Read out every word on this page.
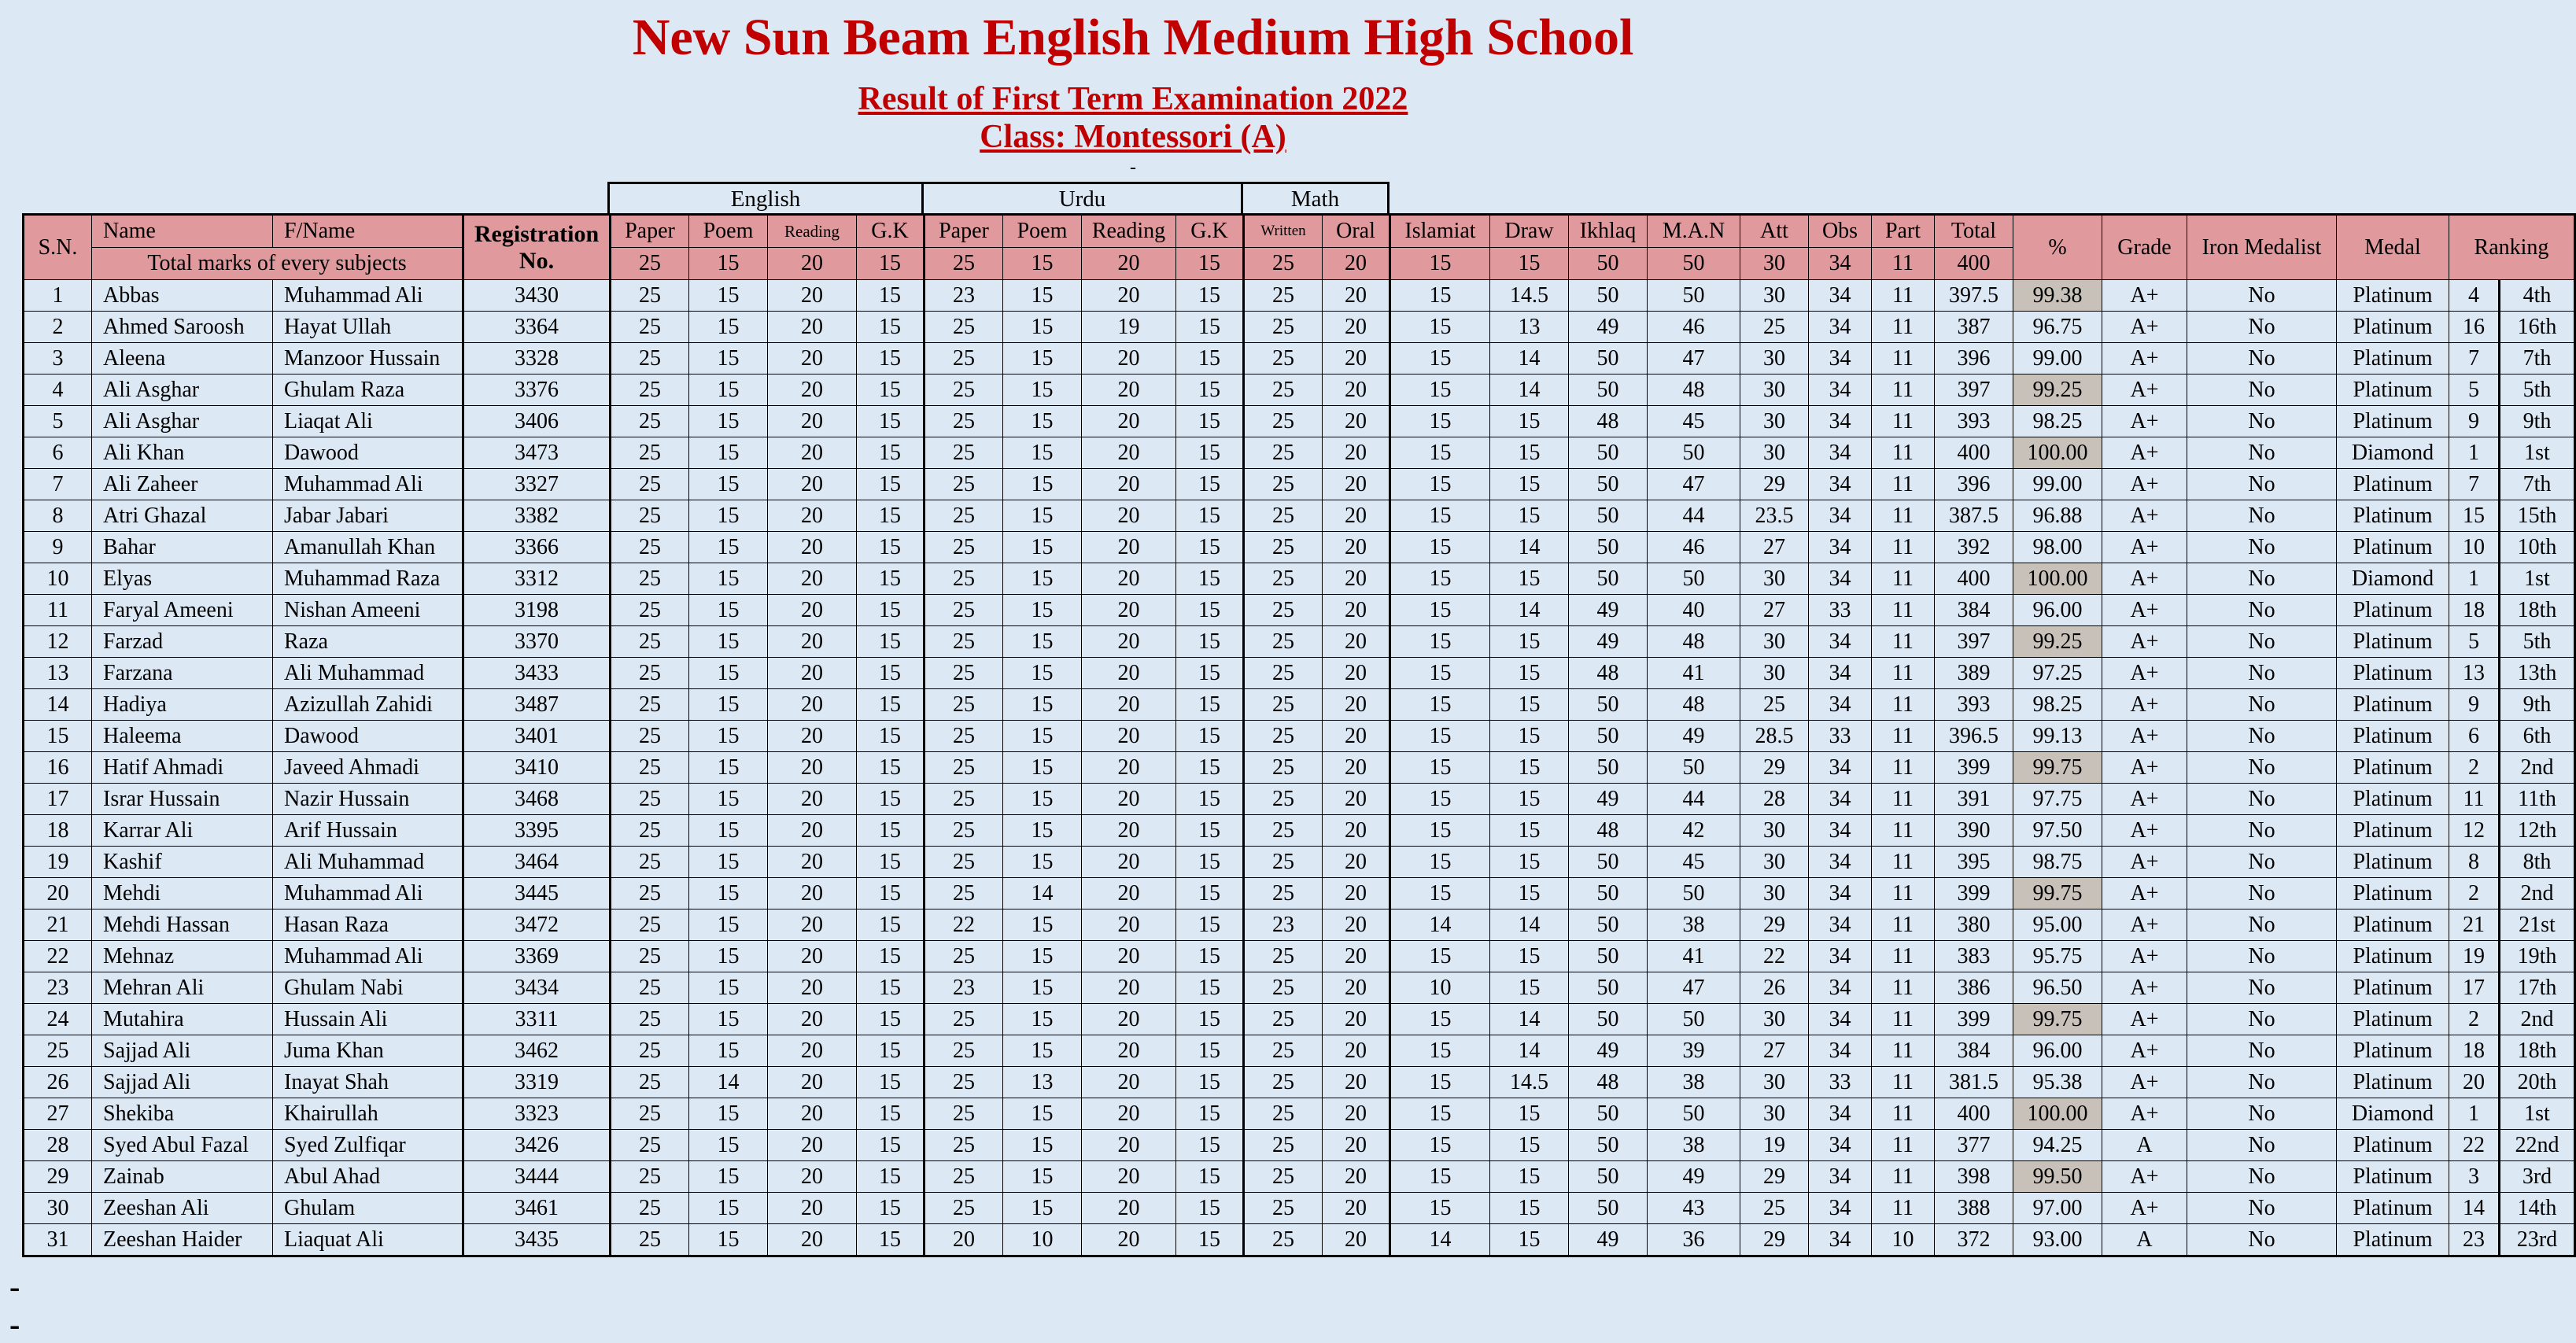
New Sun Beam English Medium High School
Result of First Term Examination 2022
Class: Montessori (A)
-
English	Urdu	Math
S.N.	Name	F/Name	Registration No.	Paper	Poem	Reading	G.K	Paper	Poem	Reading	G.K	Written	Oral	Islamiat	Draw	Ikhlaq	M.A.N	Att	Obs	Part	Total	%	Grade	Iron Medalist	Medal	Ranking	
	Total marks of every subjects			25	15	20	15	25	15	20	15	25	20	15	15	50	50	30	34	11	400						
1	Abbas	Muhammad Ali	3430	25	15	20	15	23	15	20	15	25	20	15	14.5	50	50	30	34	11	397.5	99.38	A+	No	Platinum	4	4th
2	Ahmed Saroosh	Hayat Ullah	3364	25	15	20	15	25	15	19	15	25	20	15	13	49	46	25	34	11	387	96.75	A+	No	Platinum	16	16th
3	Aleena	Manzoor Hussain	3328	25	15	20	15	25	15	20	15	25	20	15	14	50	47	30	34	11	396	99.00	A+	No	Platinum	7	7th
4	Ali Asghar	Ghulam Raza	3376	25	15	20	15	25	15	20	15	25	20	15	14	50	48	30	34	11	397	99.25	A+	No	Platinum	5	5th
5	Ali Asghar	Liaqat Ali	3406	25	15	20	15	25	15	20	15	25	20	15	15	48	45	30	34	11	393	98.25	A+	No	Platinum	9	9th
6	Ali Khan	Dawood	3473	25	15	20	15	25	15	20	15	25	20	15	15	50	50	30	34	11	400	100.00	A+	No	Diamond	1	1st
7	Ali Zaheer	Muhammad Ali	3327	25	15	20	15	25	15	20	15	25	20	15	15	50	47	29	34	11	396	99.00	A+	No	Platinum	7	7th
8	Atri Ghazal	Jabar Jabari	3382	25	15	20	15	25	15	20	15	25	20	15	15	50	44	23.5	34	11	387.5	96.88	A+	No	Platinum	15	15th
9	Bahar	Amanullah Khan	3366	25	15	20	15	25	15	20	15	25	20	15	14	50	46	27	34	11	392	98.00	A+	No	Platinum	10	10th
10	Elyas	Muhammad Raza	3312	25	15	20	15	25	15	20	15	25	20	15	15	50	50	30	34	11	400	100.00	A+	No	Diamond	1	1st
11	Faryal Ameeni	Nishan Ameeni	3198	25	15	20	15	25	15	20	15	25	20	15	14	49	40	27	33	11	384	96.00	A+	No	Platinum	18	18th
12	Farzad	Raza	3370	25	15	20	15	25	15	20	15	25	20	15	15	49	48	30	34	11	397	99.25	A+	No	Platinum	5	5th
13	Farzana	Ali Muhammad	3433	25	15	20	15	25	15	20	15	25	20	15	15	48	41	30	34	11	389	97.25	A+	No	Platinum	13	13th
14	Hadiya	Azizullah Zahidi	3487	25	15	20	15	25	15	20	15	25	20	15	15	50	48	25	34	11	393	98.25	A+	No	Platinum	9	9th
15	Haleema	Dawood	3401	25	15	20	15	25	15	20	15	25	20	15	15	50	49	28.5	33	11	396.5	99.13	A+	No	Platinum	6	6th
16	Hatif Ahmadi	Javeed Ahmadi	3410	25	15	20	15	25	15	20	15	25	20	15	15	50	50	29	34	11	399	99.75	A+	No	Platinum	2	2nd
17	Israr Hussain	Nazir Hussain	3468	25	15	20	15	25	15	20	15	25	20	15	15	49	44	28	34	11	391	97.75	A+	No	Platinum	11	11th
18	Karrar Ali	Arif Hussain	3395	25	15	20	15	25	15	20	15	25	20	15	15	48	42	30	34	11	390	97.50	A+	No	Platinum	12	12th
19	Kashif	Ali Muhammad	3464	25	15	20	15	25	15	20	15	25	20	15	15	50	45	30	34	11	395	98.75	A+	No	Platinum	8	8th
20	Mehdi	Muhammad Ali	3445	25	15	20	15	25	14	20	15	25	20	15	15	50	50	30	34	11	399	99.75	A+	No	Platinum	2	2nd
21	Mehdi Hassan	Hasan Raza	3472	25	15	20	15	22	15	20	15	23	20	14	14	50	38	29	34	11	380	95.00	A+	No	Platinum	21	21st
22	Mehnaz	Muhammad Ali	3369	25	15	20	15	25	15	20	15	25	20	15	15	50	41	22	34	11	383	95.75	A+	No	Platinum	19	19th
23	Mehran Ali	Ghulam Nabi	3434	25	15	20	15	23	15	20	15	25	20	10	15	50	47	26	34	11	386	96.50	A+	No	Platinum	17	17th
24	Mutahira	Hussain Ali	3311	25	15	20	15	25	15	20	15	25	20	15	14	50	50	30	34	11	399	99.75	A+	No	Platinum	2	2nd
25	Sajjad Ali	Juma Khan	3462	25	15	20	15	25	15	20	15	25	20	15	14	49	39	27	34	11	384	96.00	A+	No	Platinum	18	18th
26	Sajjad Ali	Inayat Shah	3319	25	14	20	15	25	13	20	15	25	20	15	14.5	48	38	30	33	11	381.5	95.38	A+	No	Platinum	20	20th
27	Shekiba	Khairullah	3323	25	15	20	15	25	15	20	15	25	20	15	15	50	50	30	34	11	400	100.00	A+	No	Diamond	1	1st
28	Syed Abul Fazal	Syed Zulfiqar	3426	25	15	20	15	25	15	20	15	25	20	15	15	50	38	19	34	11	377	94.25	A	No	Platinum	22	22nd
29	Zainab	Abul Ahad	3444	25	15	20	15	25	15	20	15	25	20	15	15	50	49	29	34	11	398	99.50	A+	No	Platinum	3	3rd
30	Zeeshan Ali	Ghulam	3461	25	15	20	15	25	15	20	15	25	20	15	15	50	43	25	34	11	388	97.00	A+	No	Platinum	14	14th
31	Zeeshan Haider	Liaquat Ali	3435	25	15	20	15	20	10	20	15	25	20	14	15	49	36	29	34	10	372	93.00	A	No	Platinum	23	23rd
-
-
